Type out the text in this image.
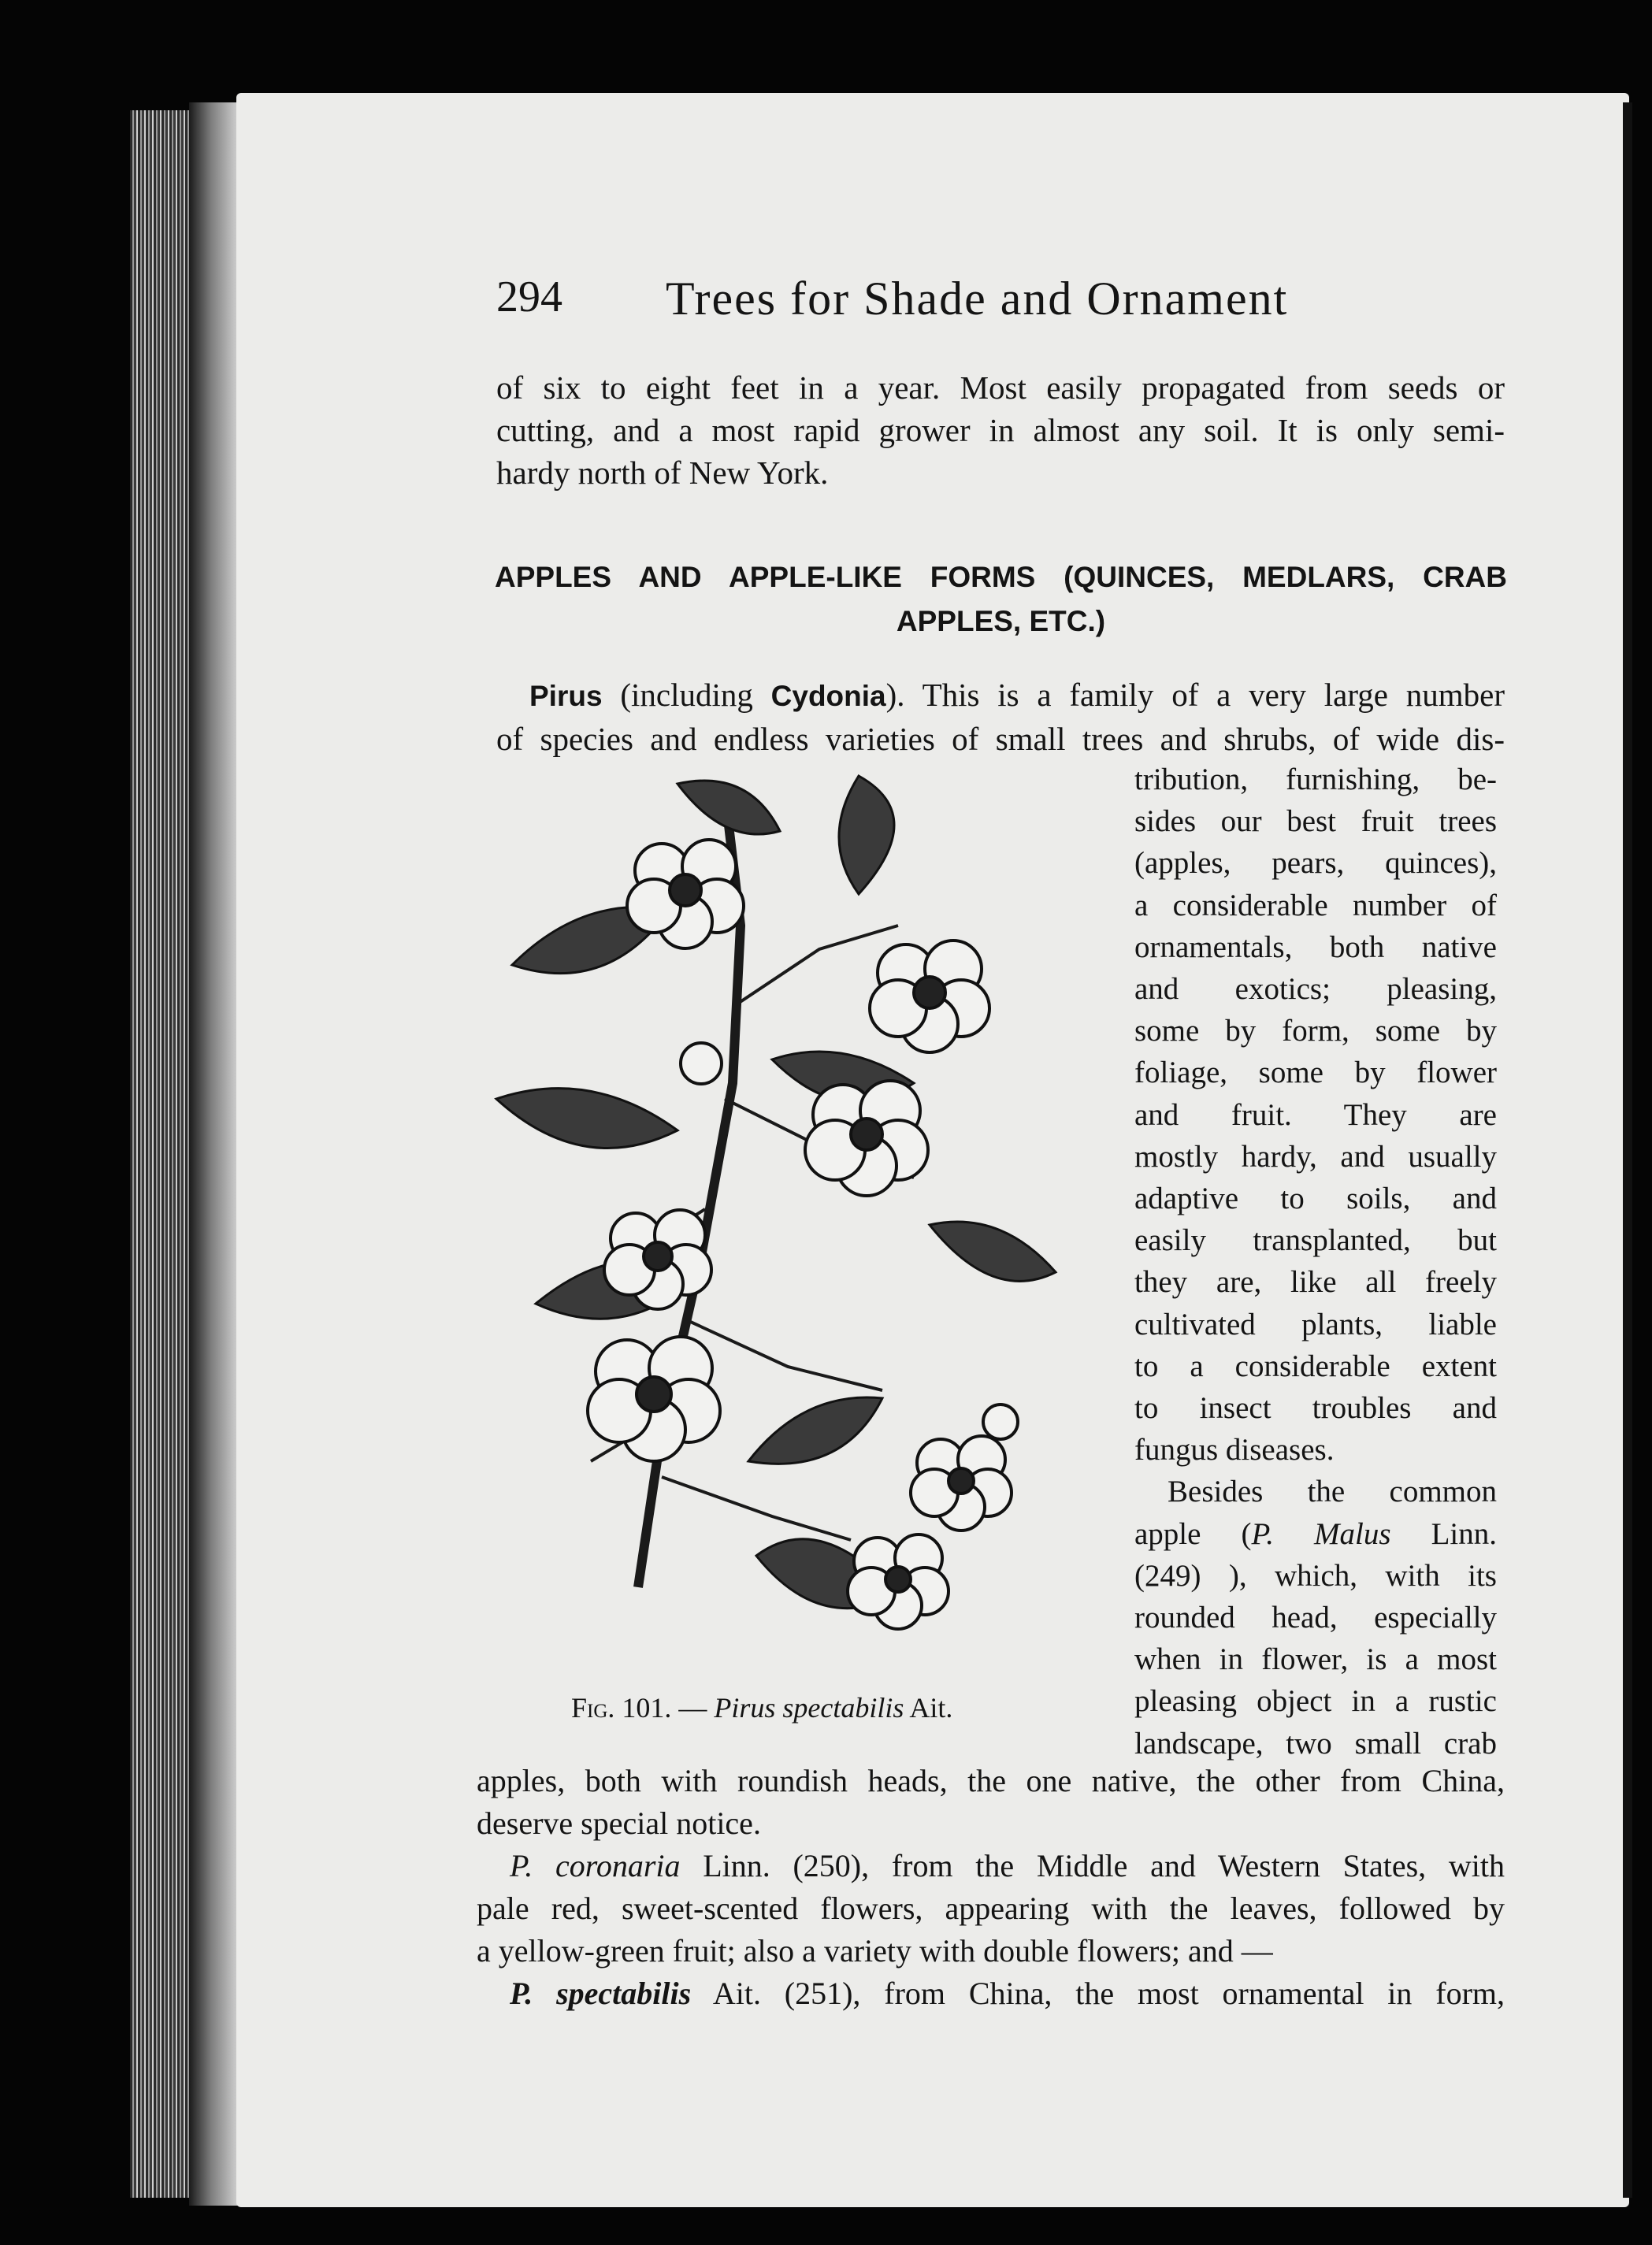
294 Trees for Shade and Ornament
of six to eight feet in a year. Most easily propagated from seeds or
cutting, and a most rapid grower in almost any soil. It is only semi-
hardy north of New York.
APPLES AND APPLE-LIKE FORMS (QUINCES, MEDLARS, CRAB
APPLES, ETC.)
Pirus (including Cydonia). This is a family of a very large number
of species and endless varieties of small trees and shrubs, of wide dis-
tribution, furnishing, be-
sides our best fruit trees
(apples, pears, quinces),
a considerable number of
ornamentals, both native
and exotics; pleasing,
some by form, some by
foliage, some by flower
and fruit. They are
mostly hardy, and usually
adaptive to soils, and
easily transplanted, but
they are, like all freely
cultivated plants, liable
to a considerable extent
to insect troubles and
fungus diseases.
Besides the common
apple (P. Malus Linn.
(249) ), which, with its
rounded head, especially
when in flower, is a most
pleasing object in a rustic
landscape, two small crab
Fig. 101. — Pirus spectabilis Ait.
apples, both with roundish heads, the one native, the other from China,
deserve special notice.
P. coronaria Linn. (250), from the Middle and Western States, with
pale red, sweet-scented flowers, appearing with the leaves, followed by
a yellow-green fruit; also a variety with double flowers; and —
P. spectabilis Ait. (251), from China, the most ornamental in form,
